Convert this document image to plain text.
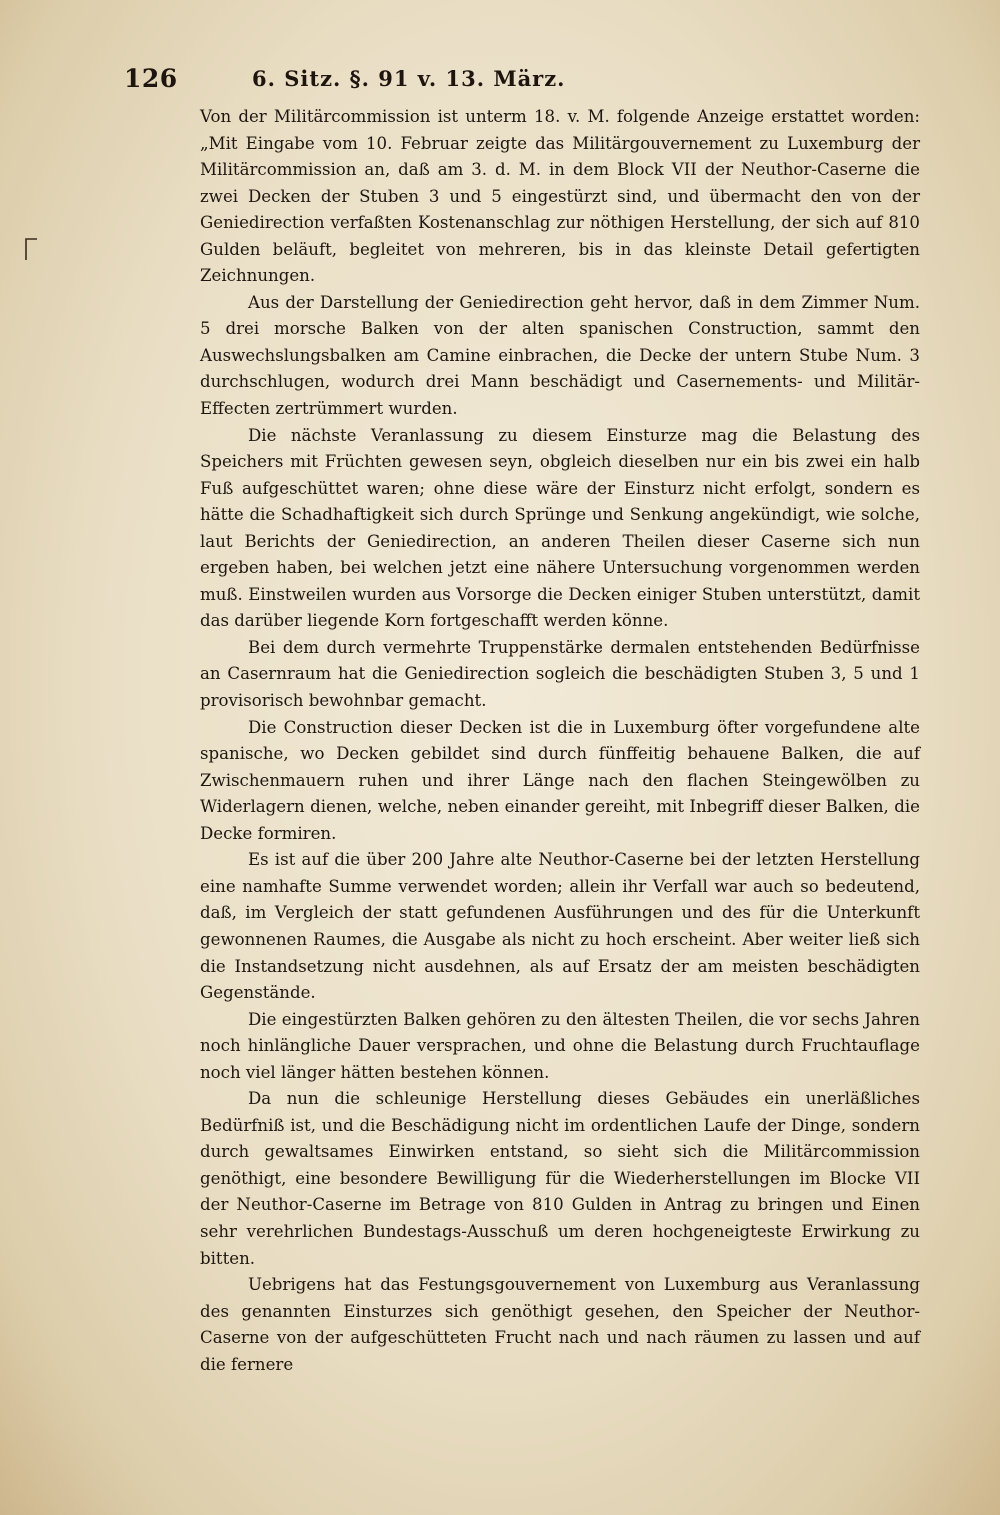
126	6. Sitz. §. 91 v. 13. März.

Von der Militärcommission ist unterm 18. v. M. folgende Anzeige erstattet worden: „Mit Eingabe vom 10. Februar zeigte das Militärgouvernement zu Luxemburg der Militärcommission an, daß am 3. d. M. in dem Block VII der Neuthor-Caserne die zwei Decken der Stuben 3 und 5 eingestürzt sind, und übermacht den von der Geniedirection verfaßten Kostenanschlag zur nöthigen Herstellung, der sich auf 810 Gulden beläuft, begleitet von mehreren, bis in das kleinste Detail gefertigten Zeichnungen.

Aus der Darstellung der Geniedirection geht hervor, daß in dem Zimmer Num. 5 drei morsche Balken von der alten spanischen Construction, sammt den Auswechslungsbalken am Camine einbrachen, die Decke der untern Stube Num. 3 durchschlugen, wodurch drei Mann beschädigt und Casernements- und Militär-Effecten zertrümmert wurden.

Die nächste Veranlassung zu diesem Einsturze mag die Belastung des Speichers mit Früchten gewesen seyn, obgleich dieselben nur ein bis zwei ein halb Fuß aufgeschüttet waren; ohne diese wäre der Einsturz nicht erfolgt, sondern es hätte die Schadhaftigkeit sich durch Sprünge und Senkung angekündigt, wie solche, laut Berichts der Geniedirection, an anderen Theilen dieser Caserne sich nun ergeben haben, bei welchen jetzt eine nähere Untersuchung vorgenommen werden muß. Einstweilen wurden aus Vorsorge die Decken einiger Stuben unterstützt, damit das darüber liegende Korn fortgeschafft werden könne.

Bei dem durch vermehrte Truppenstärke dermalen entstehenden Bedürfnisse an Casernraum hat die Geniedirection sogleich die beschädigten Stuben 3, 5 und 1 provisorisch bewohnbar gemacht.

Die Construction dieser Decken ist die in Luxemburg öfter vorgefundene alte spanische, wo Decken gebildet sind durch fünffeitig behauene Balken, die auf Zwischenmauern ruhen und ihrer Länge nach den flachen Steingewölben zu Widerlagern dienen, welche, neben einander gereiht, mit Inbegriff dieser Balken, die Decke formiren.

Es ist auf die über 200 Jahre alte Neuthor-Caserne bei der letzten Herstellung eine namhafte Summe verwendet worden; allein ihr Verfall war auch so bedeutend, daß, im Vergleich der statt gefundenen Ausführungen und des für die Unterkunft gewonnenen Raumes, die Ausgabe als nicht zu hoch erscheint. Aber weiter ließ sich die Instandsetzung nicht ausdehnen, als auf Ersatz der am meisten beschädigten Gegenstände.

Die eingestürzten Balken gehören zu den ältesten Theilen, die vor sechs Jahren noch hinlängliche Dauer versprachen, und ohne die Belastung durch Fruchtauflage noch viel länger hätten bestehen können.

Da nun die schleunige Herstellung dieses Gebäudes ein unerläßliches Bedürfniß ist, und die Beschädigung nicht im ordentlichen Laufe der Dinge, sondern durch gewaltsames Einwirken entstand, so sieht sich die Militärcommission genöthigt, eine besondere Bewilligung für die Wiederherstellungen im Blocke VII der Neuthor-Caserne im Betrage von 810 Gulden in Antrag zu bringen und Einen sehr verehrlichen Bundestags-Ausschuß um deren hochgeneigteste Erwirkung zu bitten.

Uebrigens hat das Festungsgouvernement von Luxemburg aus Veranlassung des genannten Einsturzes sich genöthigt gesehen, den Speicher der Neuthor-Caserne von der aufgeschütteten Frucht nach und nach räumen zu lassen und auf die fernere
